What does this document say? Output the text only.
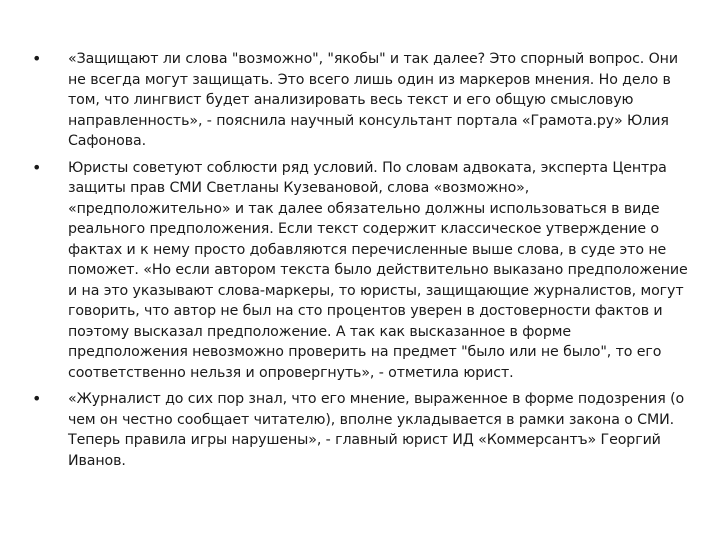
• «Защищают ли слова "возможно", "якобы" и так далее? Это спорный вопрос. Они не всегда могут защищать. Это всего лишь один из маркеров мнения. Но дело в том, что лингвист будет анализировать весь текст и его общую смысловую направленность», - пояснила научный консультант портала «Грамота.ру» Юлия Сафонова.
• Юристы советуют соблюсти ряд условий. По словам адвоката, эксперта Центра защиты прав СМИ Светланы Кузевановой, слова «возможно», «предположительно» и так далее обязательно должны использоваться в виде реального предположения. Если текст содержит классическое утверждение о фактах и к нему просто добавляются перечисленные выше слова, в суде это не поможет. «Но если автором текста было действительно выказано предположение и на это указывают слова-маркеры, то юристы, защищающие журналистов, могут говорить, что автор не был на сто процентов уверен в достоверности фактов и поэтому высказал предположение. А так как высказанное в форме предположения невозможно проверить на предмет "было или не было", то его соответственно нельзя и опровергнуть», - отметила юрист.
• «Журналист до сих пор знал, что его мнение, выраженное в форме подозрения (о чем он честно сообщает читателю), вполне укладывается в рамки закона о СМИ. Теперь правила игры нарушены», - главный юрист ИД «Коммерсантъ» Георгий Иванов.
